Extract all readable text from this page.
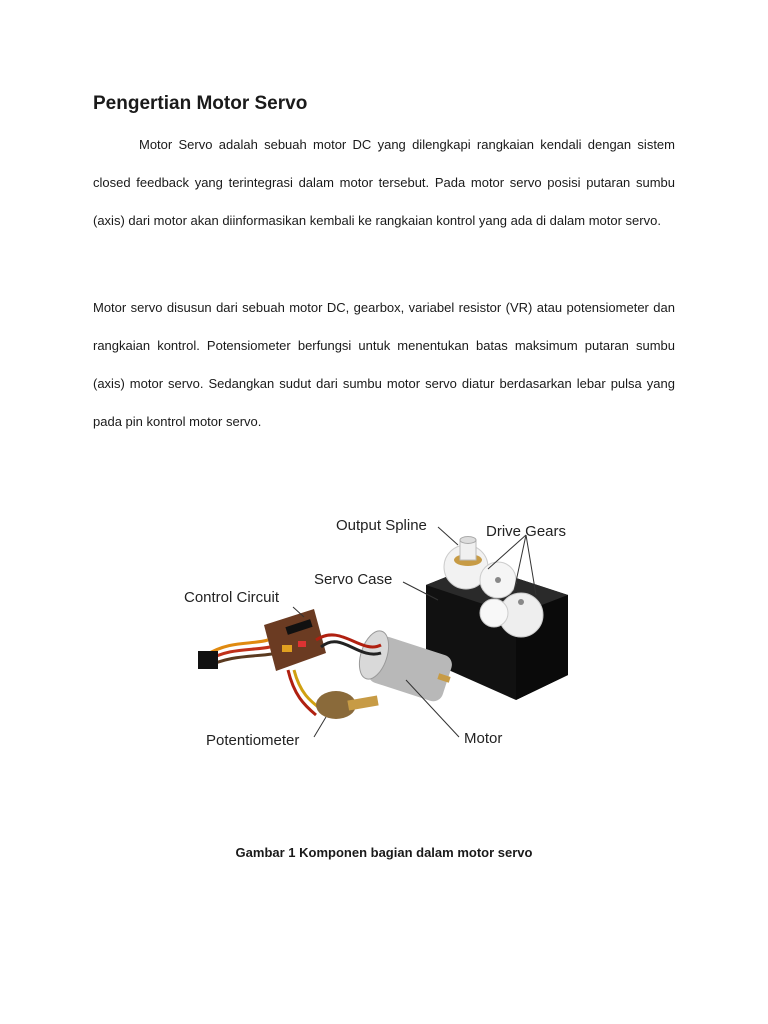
Pengertian Motor Servo

Motor Servo adalah sebuah motor DC yang dilengkapi rangkaian kendali dengan sistem closed feedback yang terintegrasi dalam motor tersebut. Pada motor servo posisi putaran sumbu (axis) dari motor akan diinformasikan kembali ke rangkaian kontrol yang ada di dalam motor servo.

Motor servo disusun dari sebuah motor DC, gearbox, variabel resistor (VR) atau potensiometer dan rangkaian kontrol. Potensiometer berfungsi untuk menentukan batas maksimum putaran sumbu (axis) motor servo. Sedangkan sudut dari sumbu motor servo diatur berdasarkan lebar pulsa yang pada pin kontrol motor servo.

Output Spline	Drive Gears
Servo Case
Control Circuit
Potentiometer	Motor

Gambar 1 Komponen bagian dalam motor servo
